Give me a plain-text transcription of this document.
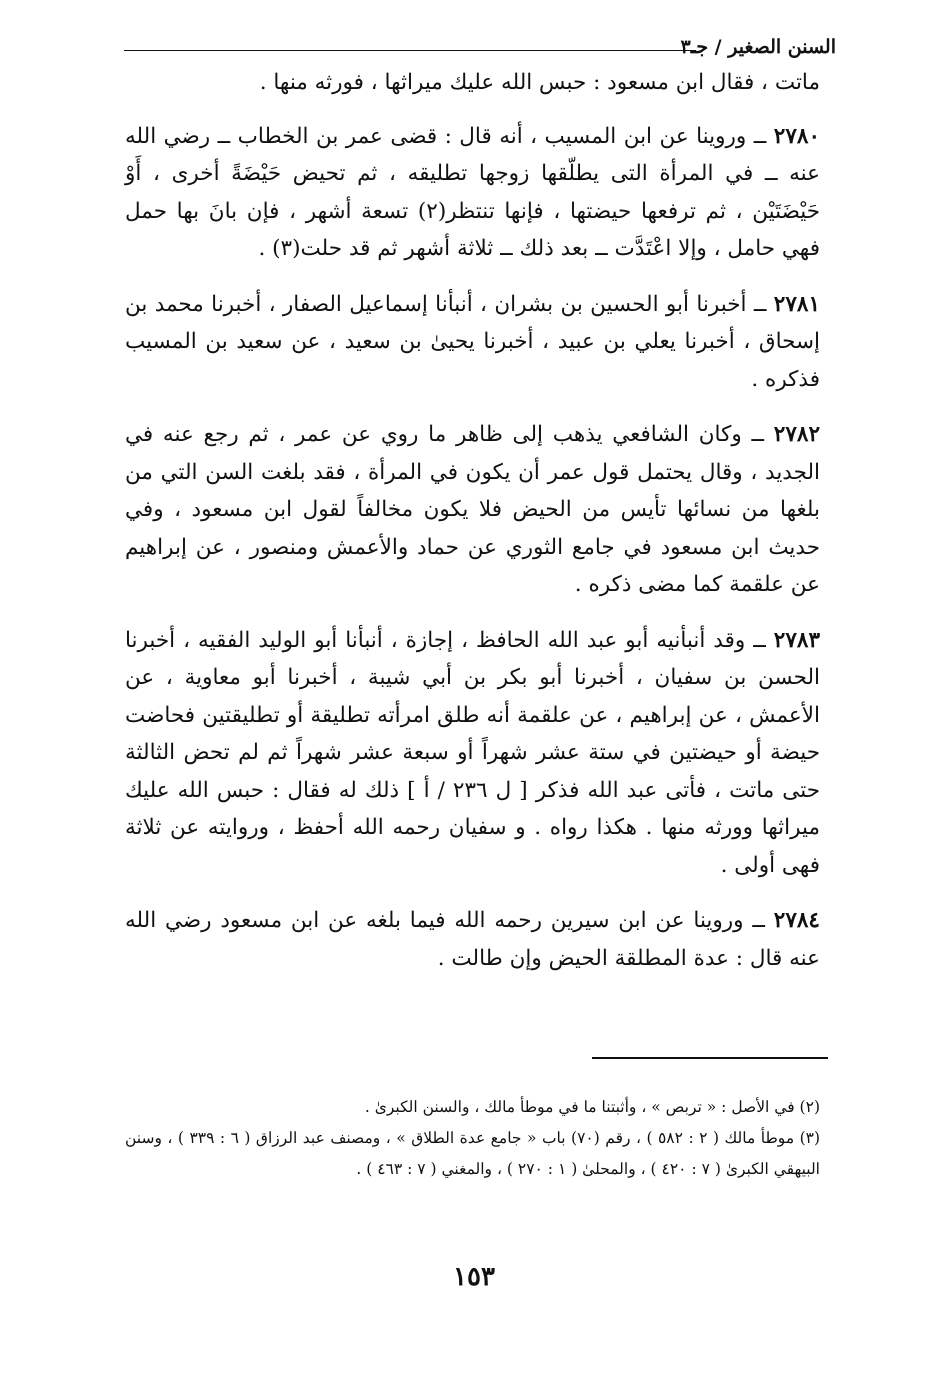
السنن الصغير / جـ٣

ماتت ، فقال ابن مسعود : حبس الله عليك ميراثها ، فورثه منها .

٢٧٨٠ ــ وروينا عن ابن المسيب ، أنه قال : قضى عمر بن الخطاب ــ رضي الله عنه ــ في المرأة التى يطلّقها زوجها تطليقه ، ثم تحيض حَيْضَةً أخرى ، أَوْ حَيْضَتَيْن ، ثم ترفعها حيضتها ، فإنها تنتظر(٢) تسعة أشهر ، فإن بانَ بها حمل فهي حامل ، وإلا اعْتَدَّت ــ بعد ذلك ــ ثلاثة أشهر ثم قد حلت(٣) .

٢٧٨١ ــ أخبرنا أبو الحسين بن بشران ، أنبأنا إسماعيل الصفار ، أخبرنا محمد بن إسحاق ، أخبرنا يعلي بن عبيد ، أخبرنا يحيىٰ بن سعيد ، عن سعيد بن المسيب فذكره .

٢٧٨٢ ــ وكان الشافعي يذهب إلى ظاهر ما روي عن عمر ، ثم رجع عنه في الجديد ، وقال يحتمل قول عمر أن يكون في المرأة ، فقد بلغت السن التي من بلغها من نسائها تأيس من الحيض فلا يكون مخالفاً لقول ابن مسعود ، وفي حديث ابن مسعود في جامع الثوري عن حماد والأعمش ومنصور ، عن إبراهيم عن علقمة كما مضى ذكره .

٢٧٨٣ ــ وقد أنبأنيه أبو عبد الله الحافظ ، إجازة ، أنبأنا أبو الوليد الفقيه ، أخبرنا الحسن بن سفيان ، أخبرنا أبو بكر بن أبي شيبة ، أخبرنا أبو معاوية ، عن الأعمش ، عن إبراهيم ، عن علقمة أنه طلق امرأته تطليقة أو تطليقتين فحاضت حيضة أو حيضتين في ستة عشر شهراً أو سبعة عشر شهراً ثم لم تحض الثالثة حتى ماتت ، فأتى عبد الله فذكر [ ل ٢٣٦ / أ ] ذلك له فقال : حبس الله عليك ميراثها وورثه منها . هكذا رواه . و سفيان رحمه الله أحفظ ، وروايته عن ثلاثة فهى أولى .

٢٧٨٤ ــ وروينا عن ابن سيرين رحمه الله فيما بلغه عن ابن مسعود رضي الله عنه قال : عدة المطلقة الحيض وإن طالت .

(٢) في الأصل : « تربص » ، وأثبتنا ما في موطأ مالك ، والسنن الكبرىٰ .

(٣) موطأ مالك ( ٢ : ٥٨٢ ) ، رقم (٧٠) باب « جامع عدة الطلاق » ، ومصنف عبد الرزاق ( ٦ : ٣٣٩ ) ، وسنن البيهقي الكبرىٰ ( ٧ : ٤٢٠ ) ، والمحلىٰ ( ١ : ٢٧٠ ) ، والمغني ( ٧ : ٤٦٣ ) .

١٥٣
